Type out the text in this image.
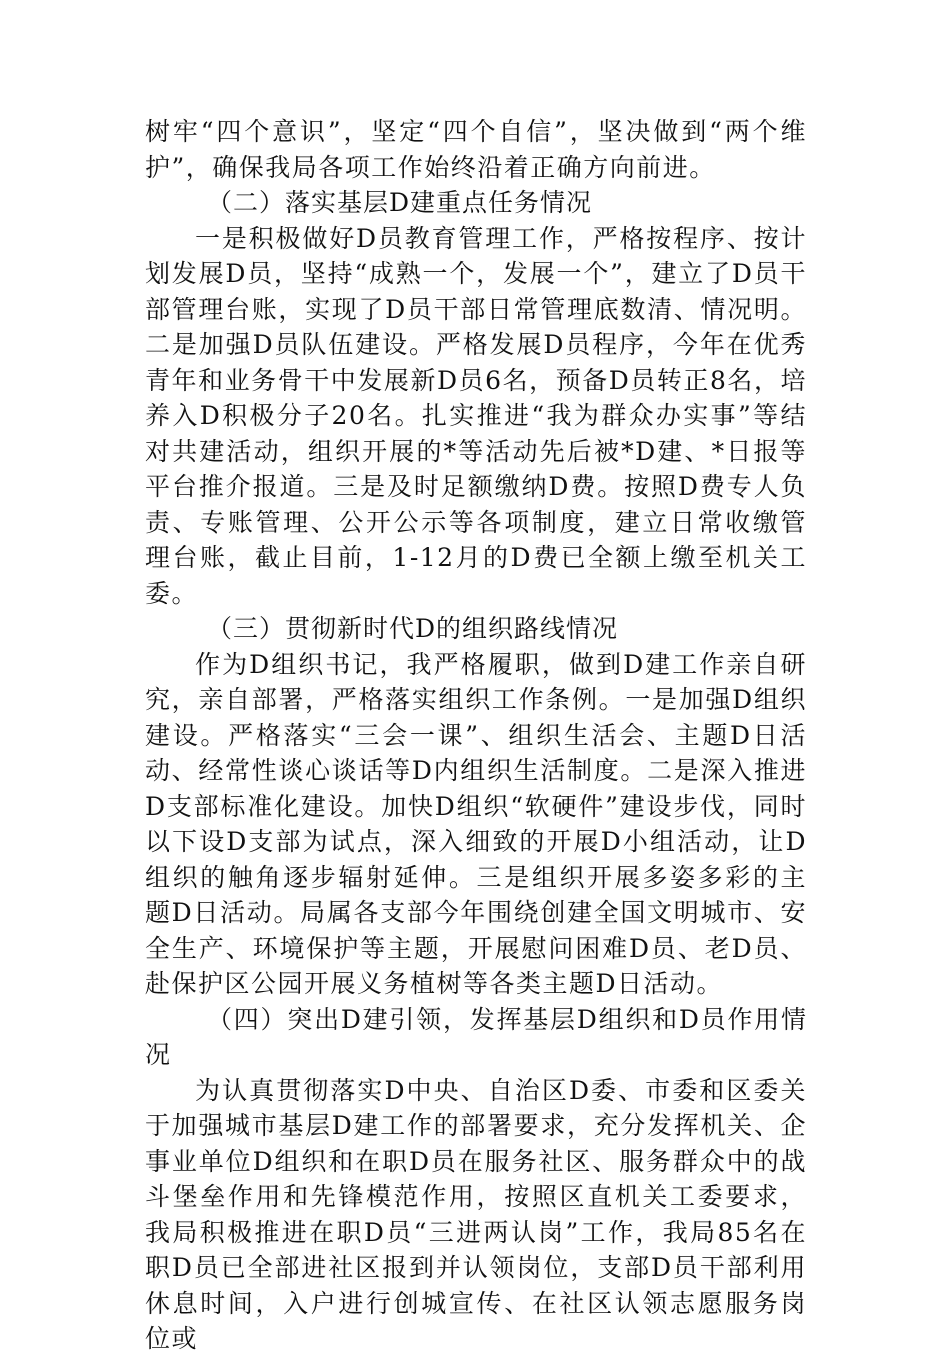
树牢“四个意识”，坚定“四个自信”，坚决做到“两个维护”，确保我局各项工作始终沿着正确方向前进。

（二）落实基层D建重点任务情况

一是积极做好D员教育管理工作，严格按程序、按计划发展D员，坚持“成熟一个，发展一个”，建立了D员干部管理台账，实现了D员干部日常管理底数清、情况明。二是加强D员队伍建设。严格发展D员程序，今年在优秀青年和业务骨干中发展新D员6名，预备D员转正8名，培养入D积极分子20名。扎实推进“我为群众办实事”等结对共建活动，组织开展的*等活动先后被*D建、*日报等平台推介报道。三是及时足额缴纳D费。按照D费专人负责、专账管理、公开公示等各项制度，建立日常收缴管理台账，截止目前，1-12月的D费已全额上缴至机关工委。

（三）贯彻新时代D的组织路线情况

作为D组织书记，我严格履职，做到D建工作亲自研究，亲自部署，严格落实组织工作条例。一是加强D组织建设。严格落实“三会一课”、组织生活会、主题D日活动、经常性谈心谈话等D内组织生活制度。二是深入推进D支部标准化建设。加快D组织“软硬件”建设步伐，同时以下设D支部为试点，深入细致的开展D小组活动，让D组织的触角逐步辐射延伸。三是组织开展多姿多彩的主题D日活动。局属各支部今年围绕创建全国文明城市、安全生产、环境保护等主题，开展慰问困难D员、老D员、赴保护区公园开展义务植树等各类主题D日活动。

（四）突出D建引领，发挥基层D组织和D员作用情况

为认真贯彻落实D中央、自治区D委、市委和区委关于加强城市基层D建工作的部署要求，充分发挥机关、企事业单位D组织和在职D员在服务社区、服务群众中的战斗堡垒作用和先锋模范作用，按照区直机关工委要求，我局积极推进在职D员“三进两认岗”工作，我局85名在职D员已全部进社区报到并认领岗位，支部D员干部利用休息时间，入户进行创城宣传、在社区认领志愿服务岗位或
